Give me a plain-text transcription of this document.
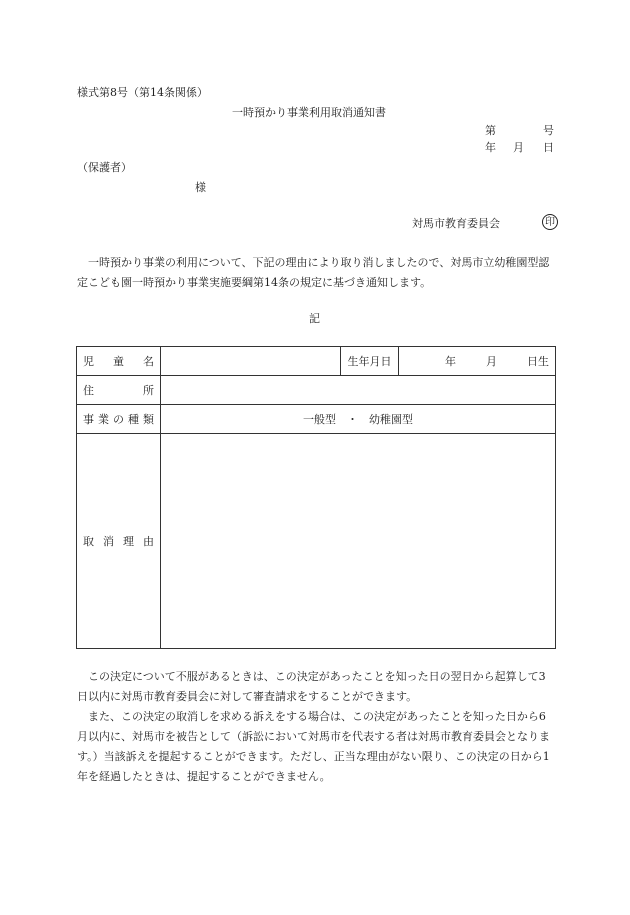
様式第8号（第14条関係）
一時預かり事業利用取消通知書
第	号
年 月 日
（保護者）
様
対馬市教育委員会	印
一時預かり事業の利用について、下記の理由により取り消しましたので、対馬市立幼稚園型認定こども園一時預かり事業実施要綱第14条の規定に基づき通知します。
記
児 童 名		生年月日	年 月 日生

住 所			

事 業 の 種 類	一般型　・　幼稚園型		

取 消 理 由			

この決定について不服があるときは、この決定があったことを知った日の翌日から起算して3日以内に対馬市教育委員会に対して審査請求をすることができます。
また、この決定の取消しを求める訴えをする場合は、この決定があったことを知った日から6月以内に、対馬市を被告として（訴訟において対馬市を代表する者は対馬市教育委員会となります。）当該訴えを提起することができます。ただし、正当な理由がない限り、この決定の日から1年を経過したときは、提起することができません。
